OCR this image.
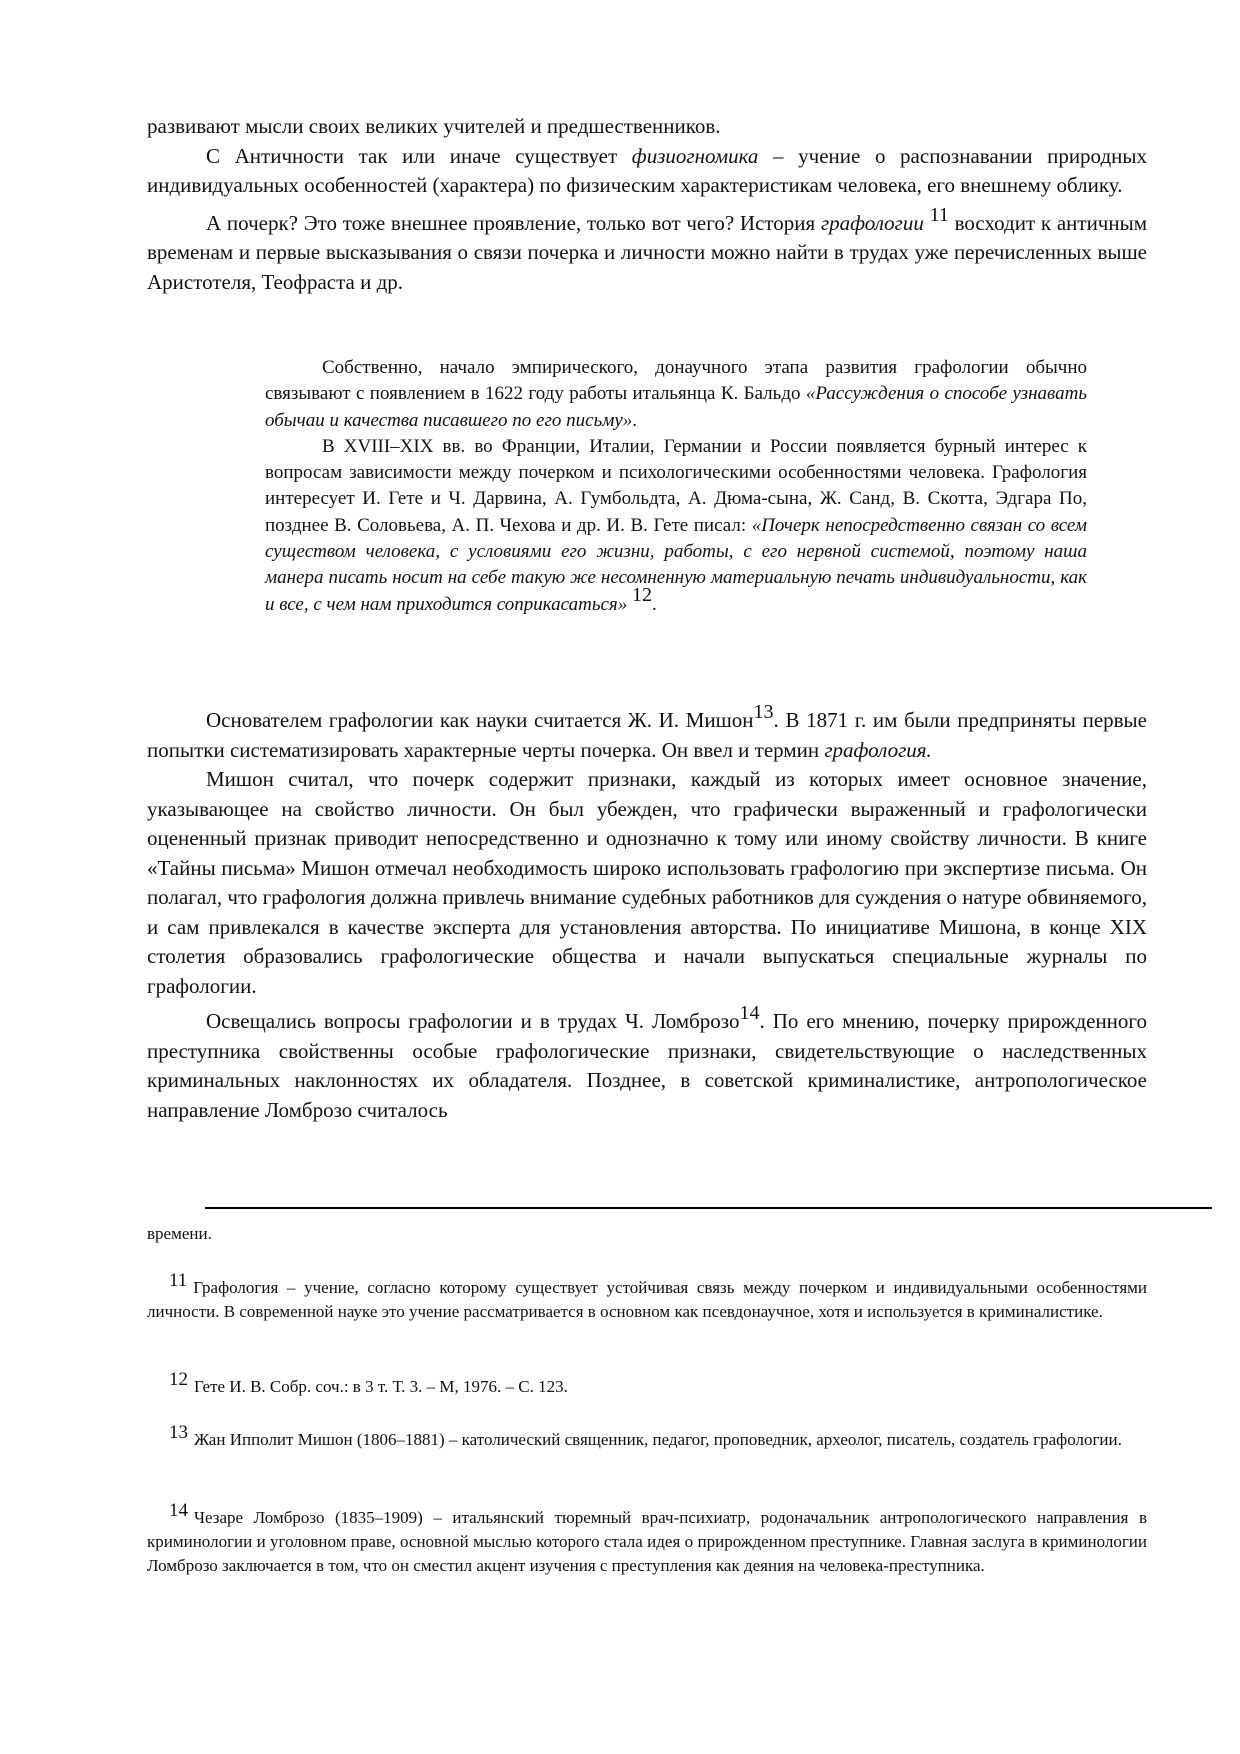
развивают мысли своих великих учителей и предшественников.

С Античности так или иначе существует физиогномика – учение о распознавании природных индивидуальных особенностей (характера) по физическим характеристикам человека, его внешнему облику.

А почерк? Это тоже внешнее проявление, только вот чего? История графологии 11 восходит к античным временам и первые высказывания о связи почерка и личности можно найти в трудах уже перечисленных выше Аристотеля, Теофраста и др.

Собственно, начало эмпирического, донаучного этапа развития графологии обычно связывают с появлением в 1622 году работы итальянца К. Бальдо «Рассуждения о способе узнавать обычаи и качества писавшего по его письму».

В XVIII–XIX вв. во Франции, Италии, Германии и России появляется бурный интерес к вопросам зависимости между почерком и психологическими особенностями человека. Графология интересует И. Гете и Ч. Дарвина, А. Гумбольдта, А. Дюма-сына, Ж. Санд, В. Скотта, Эдгара По, позднее В. Соловьева, А. П. Чехова и др. И. В. Гете писал: «Почерк непосредственно связан со всем существом человека, с условиями его жизни, работы, с его нервной системой, поэтому наша манера писать носит на себе такую же несомненную материальную печать индивидуальности, как и все, с чем нам приходится соприкасаться» 12.

Основателем графологии как науки считается Ж. И. Мишон13. В 1871 г. им были предприняты первые попытки систематизировать характерные черты почерка. Он ввел и термин графология.

Мишон считал, что почерк содержит признаки, каждый из которых имеет основное значение, указывающее на свойство личности. Он был убежден, что графически выраженный и графологически оцененный признак приводит непосредственно и однозначно к тому или иному свойству личности. В книге «Тайны письма» Мишон отмечал необходимость широко использовать графологию при экспертизе письма. Он полагал, что графология должна привлечь внимание судебных работников для суждения о натуре обвиняемого, и сам привлекался в качестве эксперта для установления авторства. По инициативе Мишона, в конце XIX столетия образовались графологические общества и начали выпускаться специальные журналы по графологии.

Освещались вопросы графологии и в трудах Ч. Ломброзо14. По его мнению, почерку прирожденного преступника свойственны особые графологические признаки, свидетельствующие о наследственных криминальных наклонностях их обладателя. Позднее, в советской криминалистике, антропологическое направление Ломброзо считалось

времени.

11 Графология – учение, согласно которому существует устойчивая связь между почерком и индивидуальными особенностями личности. В современной науке это учение рассматривается в основном как псевдонаучное, хотя и используется в криминалистике.

12 Гете И. В. Собр. соч.: в 3 т. Т. 3. – М, 1976. – С. 123.

13 Жан Ипполит Мишон (1806–1881) – католический священник, педагог, проповедник, археолог, писатель, создатель графологии.

14 Чезаре Ломброзо (1835–1909) – итальянский тюремный врач-психиатр, родоначальник антропологического направления в криминологии и уголовном праве, основной мыслью которого стала идея о прирожденном преступнике. Главная заслуга в криминологии Ломброзо заключается в том, что он сместил акцент изучения с преступления как деяния на человека-преступника.
